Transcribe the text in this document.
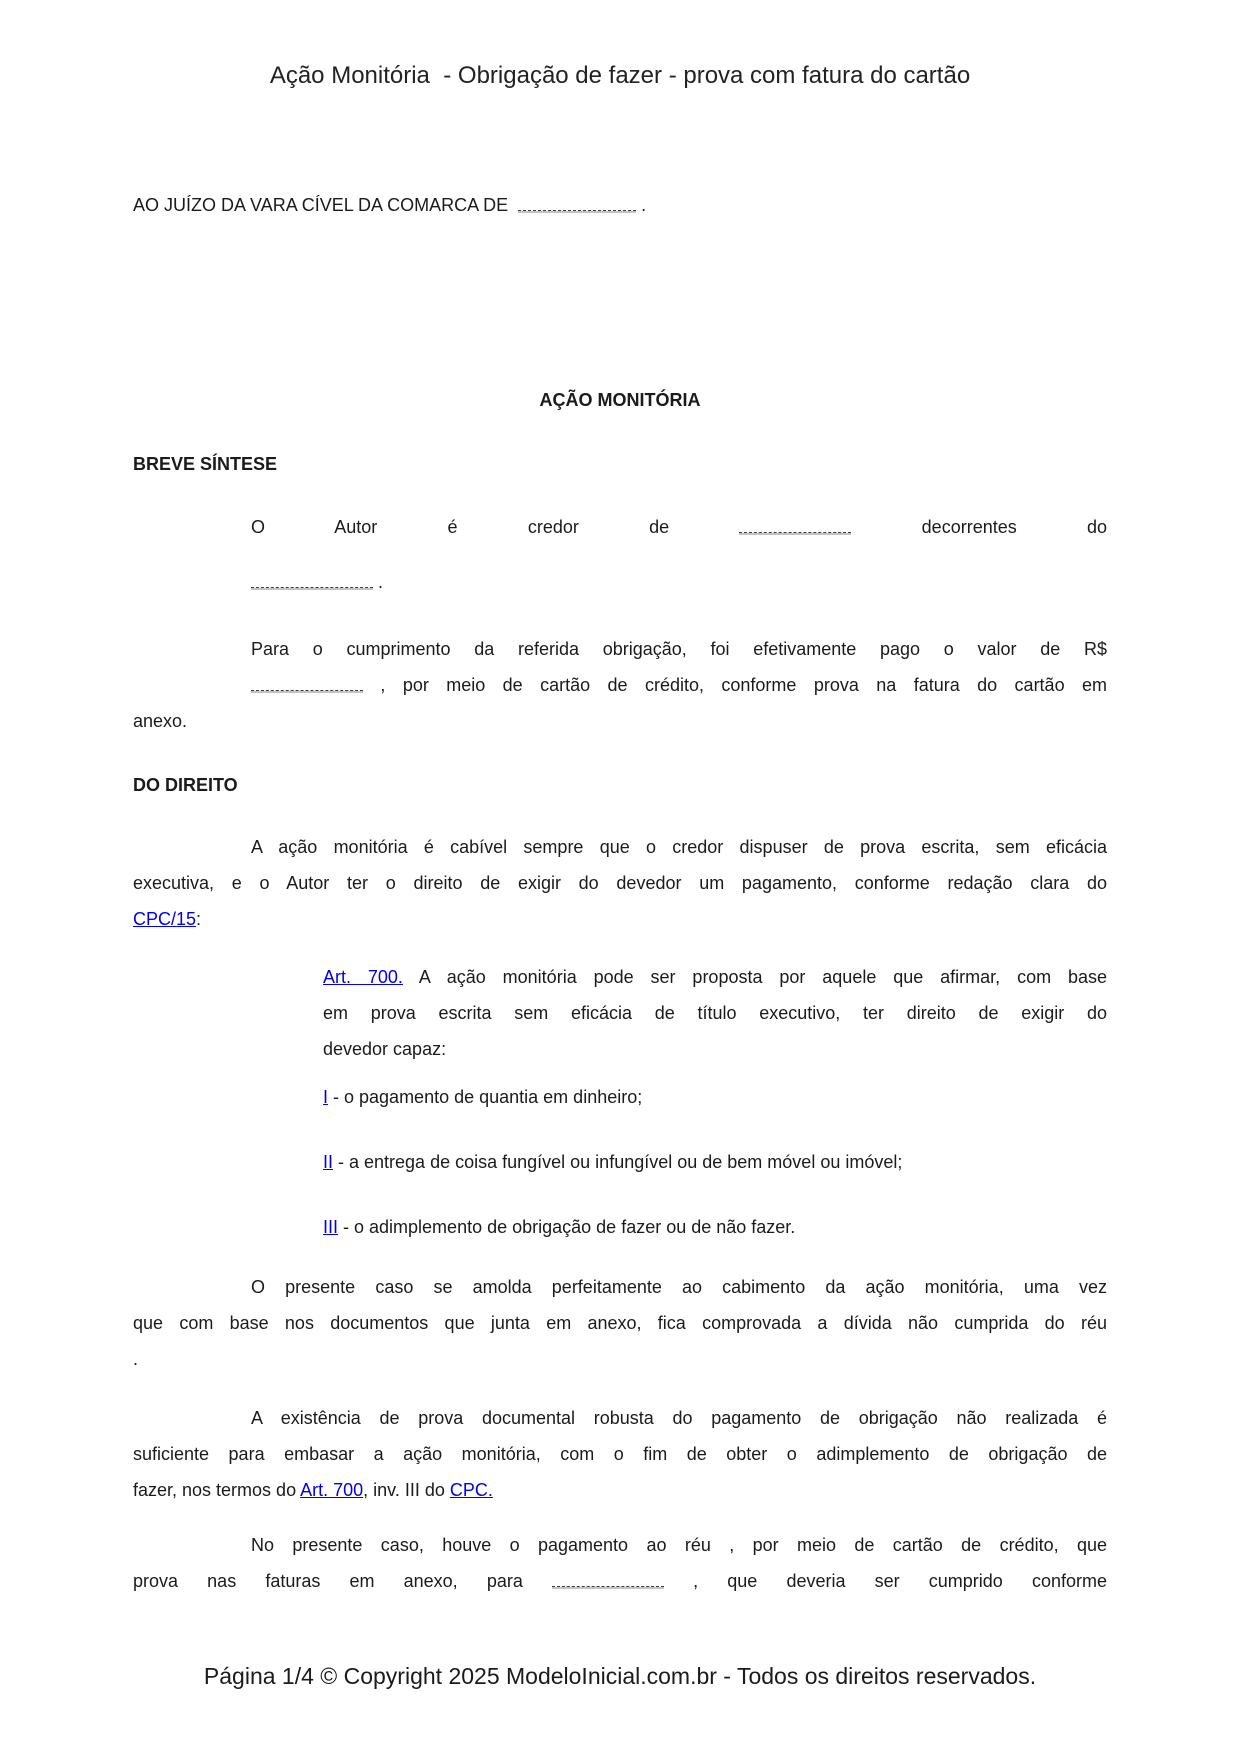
Ação Monitória  - Obrigação de fazer - prova com fatura do cartão
AO JUÍZO DA VARA CÍVEL DA COMARCA DE	.
AÇÃO MONITÓRIA
BREVE SÍNTESE
O Autor é credor de	decorrentes do
.
Para o cumprimento da referida obrigação, foi efetivamente pago o valor de R$
, por meio de cartão de crédito, conforme prova na fatura do cartão em
anexo.
DO DIREITO
A ação monitória é cabível sempre que o credor dispuser de prova escrita, sem eficácia
executiva, e o Autor ter o direito de exigir do devedor um pagamento, conforme redação clara do
CPC/15:
Art. 700. A ação monitória pode ser proposta por aquele que afirmar, com base
em prova escrita sem eficácia de título executivo, ter direito de exigir do
devedor capaz:
I - o pagamento de quantia em dinheiro;
II - a entrega de coisa fungível ou infungível ou de bem móvel ou imóvel;
III - o adimplemento de obrigação de fazer ou de não fazer.
O presente caso se amolda perfeitamente ao cabimento da ação monitória, uma vez
que com base nos documentos que junta em anexo, fica comprovada a dívida não cumprida do réu
.
A existência de prova documental robusta do pagamento de obrigação não realizada é
suficiente para embasar a ação monitória, com o fim de obter o adimplemento de obrigação de
fazer, nos termos do Art. 700, inv. III do CPC.
No presente caso, houve o pagamento ao réu , por meio de cartão de crédito, que
prova nas faturas em anexo, para	, que deveria ser cumprido conforme
Página 1/4 © Copyright 2025 ModeloInicial.com.br - Todos os direitos reservados.
